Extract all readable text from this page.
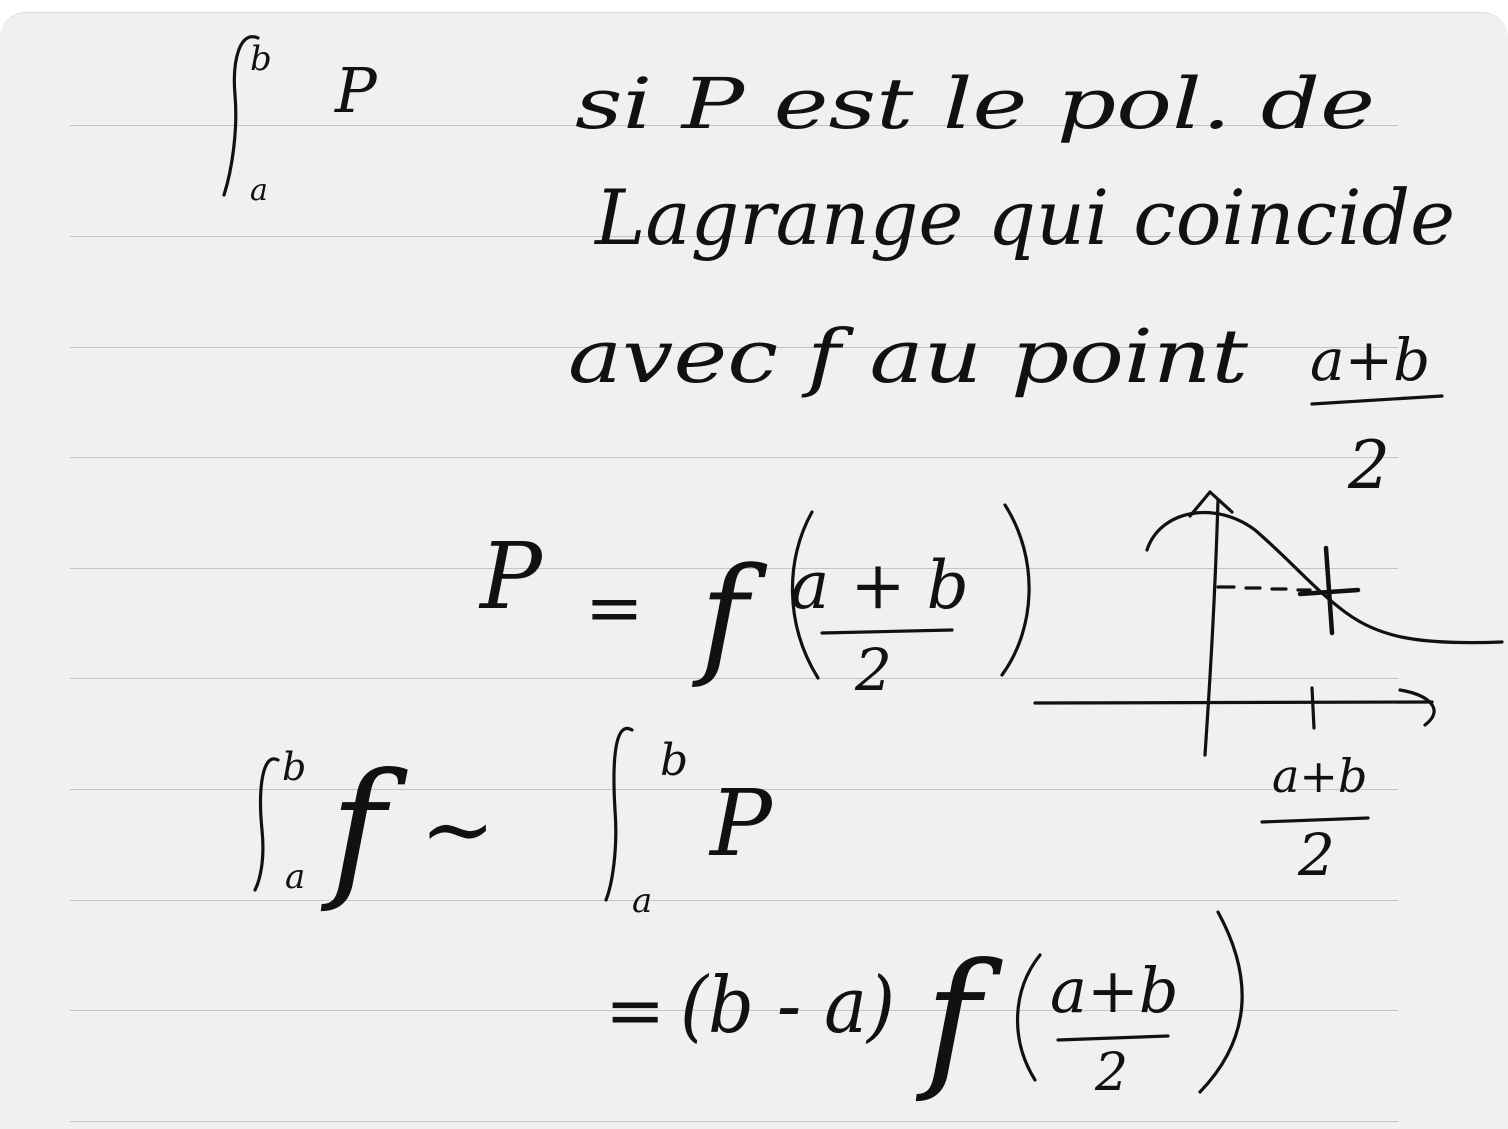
b
a
P	si P est le pol. de
Lagrange qui coincide
avec f au point a+b
2
P = f a + b
2
a+b
2
b
a f ∼
b
a
P
= (b - a) f	a+b
2
